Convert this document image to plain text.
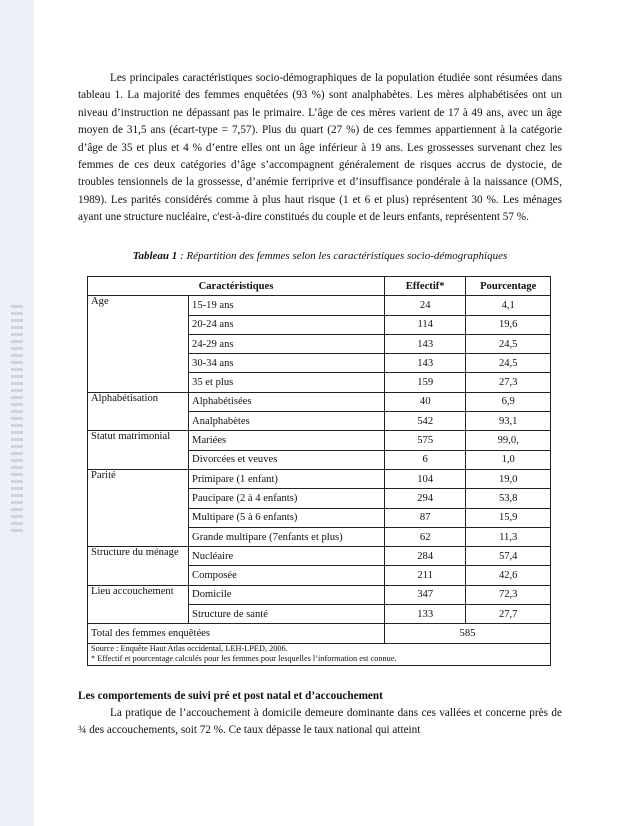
Les principales caractéristiques socio-démographiques de la population étudiée sont résumées dans tableau 1. La majorité des femmes enquêtées (93 %) sont analphabètes. Les mères alphabétisées ont un niveau d’instruction ne dépassant pas le primaire. L’âge de ces mères varient de 17 à 49 ans, avec un âge moyen de 31,5 ans (écart-type = 7,57). Plus du quart (27 %) de ces femmes appartiennent à la catégorie d’âge de 35 et plus et 4 % d’entre elles ont un âge inférieur à 19 ans. Les grossesses survenant chez les femmes de ces deux catégories d’âge s’accompagnent généralement de risques accrus de dystocie, de troubles tensionnels de la grossesse, d’anémie ferriprive et d’insuffisance pondérale à la naissance (OMS, 1989). Les parités considérés comme à plus haut risque (1 et 6 et plus) représentent 30 %. Les ménages ayant une structure nucléaire, c'est-à-dire constitués du couple et de leurs enfants, représentent 57 %.

Tableau 1 : Répartition des femmes selon les caractéristiques socio-démographiques
Caractéristiques		Effectif*	Pourcentage
Age	15-19 ans	24	4,1
	20-24 ans	114	19,6
	24-29 ans	143	24,5
	30-34 ans	143	24,5
	35 et plus	159	27,3
Alphabétisation	Alphabétisées	40	6,9
	Analphabètes	542	93,1
Statut matrimonial	Mariées	575	99,0,
	Divorcées et veuves	6	1,0
Parité	Primipare (1 enfant)	104	19,0
	Paucipare (2 à 4 enfants)	294	53,8
	Multipare (5 à 6 enfants)	87	15,9
	Grande multipare (7enfants et plus)	62	11,3
Structure du ménage	Nucléaire	284	57,4
	Composée	211	42,6
Lieu accouchement	Domicile	347	72,3
	Structure de santé	133	27,7
Total des femmes enquêtées		585	

Source : Enquête Haut Atlas occidental, LEH-LPED, 2006.
* Effectif et pourcentage calculés pour les femmes pour lesquelles l’information est connue.			
Les comportements de suivi pré et post natal et d’accouchement

La pratique de l’accouchement à domicile demeure dominante dans ces vallées et concerne près de ¾ des accouchements, soit 72 %. Ce taux dépasse le taux national qui atteint
